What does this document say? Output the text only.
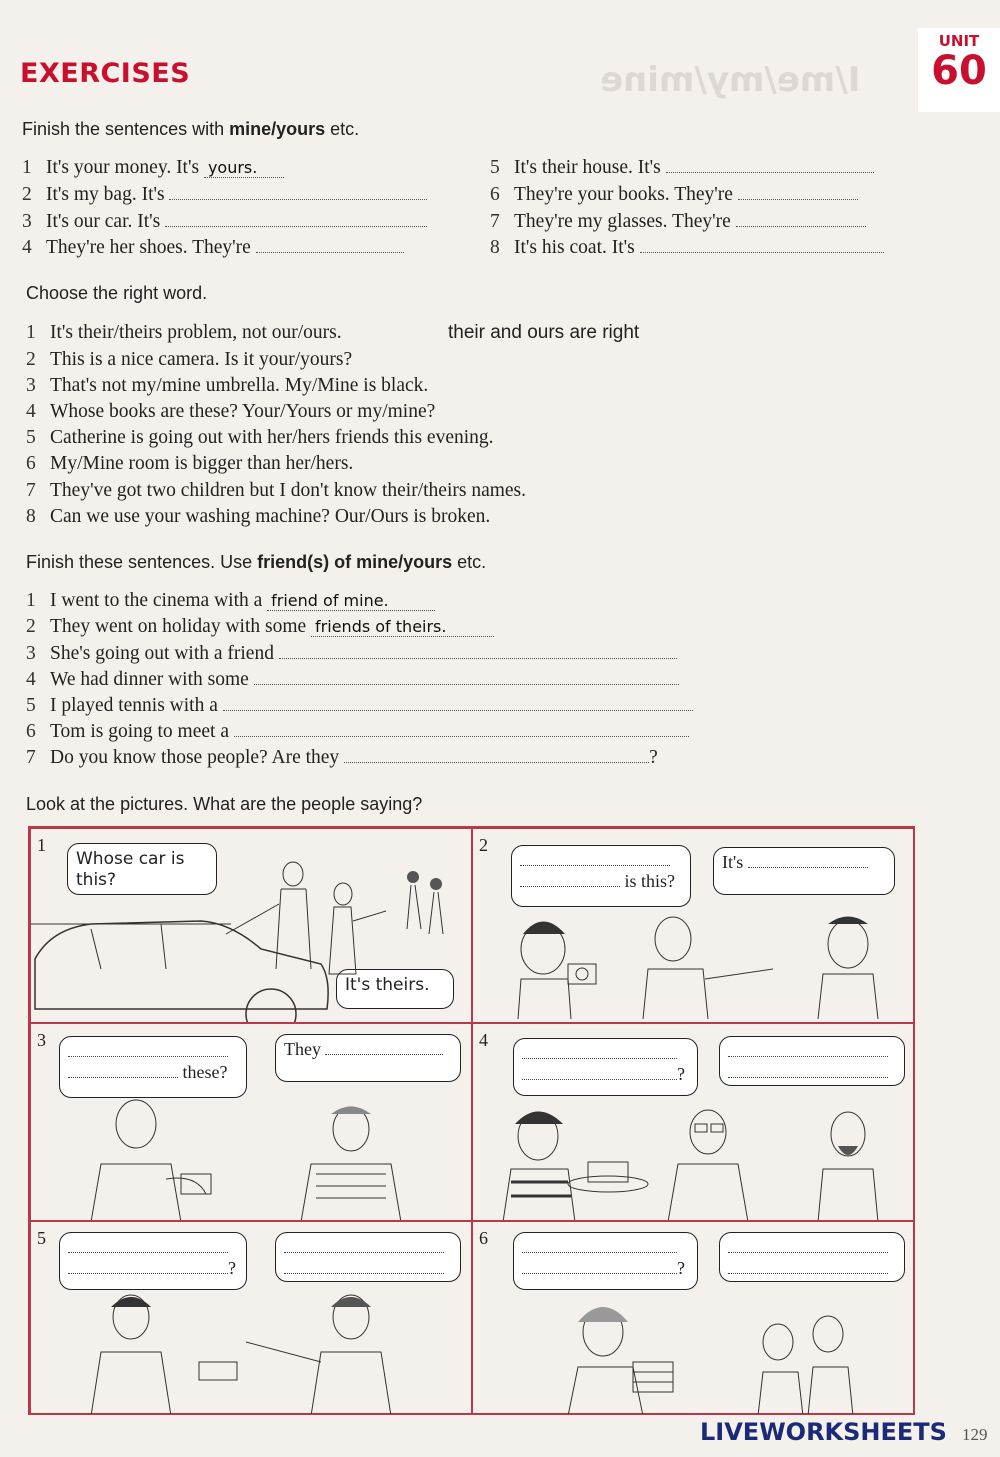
EXERCISES	I/me/my/mine
UNIT
60
Finish the sentences with mine/yours etc.
1 It's your money. It's yours.
2 It's my bag. It's
3 It's our car. It's
4 They're her shoes. They're
5 It's their house. It's
6 They're your books. They're
7 They're my glasses. They're
8 It's his coat. It's
Choose the right word.
1 It's their/theirs problem, not our/ours.	their and ours are right
2 This is a nice camera. Is it your/yours?
3 That's not my/mine umbrella. My/Mine is black.
4 Whose books are these? Your/Yours or my/mine?
5 Catherine is going out with her/hers friends this evening.
6 My/Mine room is bigger than her/hers.
7 They've got two children but I don't know their/theirs names.
8 Can we use your washing machine? Our/Ours is broken.
Finish these sentences. Use friend(s) of mine/yours etc.
1 I went to the cinema with a friend of mine.
2 They went on holiday with some friends of theirs.
3 She's going out with a friend
4 We had dinner with some
5 I played tennis with a
6 Tom is going to meet a
7 Do you know those people? Are they	?
Look at the pictures. What are the people saying?
1
Whose car is this?
It's theirs.
2

is this?
It's
3

these?
They	4

?

5

?

6

?

LIVEWORKSHEETS 129
